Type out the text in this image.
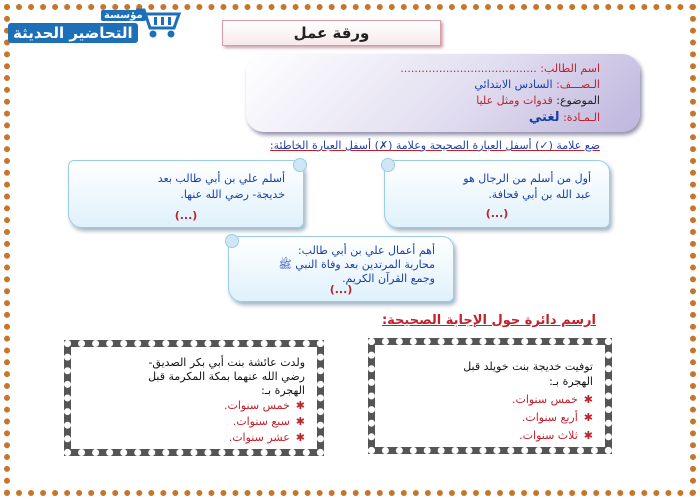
مؤسسة
التحاضير الحديثة	ورقة عمل
اسم الطالب: .......................................
الـصـــف: السادس الابتدائي
الموضوع: قدوات ومثل عليا
الـمـادة: لغتي
ضع علامة (✓) أسفل العبارة الصحيحة وعلامة (✗) أسفل العبارة الخاطئة:
أول من أسلم من الرجال هو
عبد الله بن أبي قحافة.
(...)
أسلم علي بن أبي طالب بعد
خديجة- رضي الله عنها.
(...)
أهم أعمال علي بن أبي طالب:
محاربة المرتدين بعد وفاة النبي ﷺ
وجمع القرآن الكريم.
(...)
ارسم دائرة حول الإجابة الصحيحة:
توفيت خديجة بنت خويلد قبل
الهجرة بـ:
✱خمس سنوات.
✱أربع سنوات.
✱ثلاث سنوات.
ولدت عائشة بنت أبي بكر الصديق-
رضي الله عنهما بمكة المكرمة قبل
الهجرة بـ:
✱خمس سنوات.
✱سبع سنوات.
✱عشر سنوات.
